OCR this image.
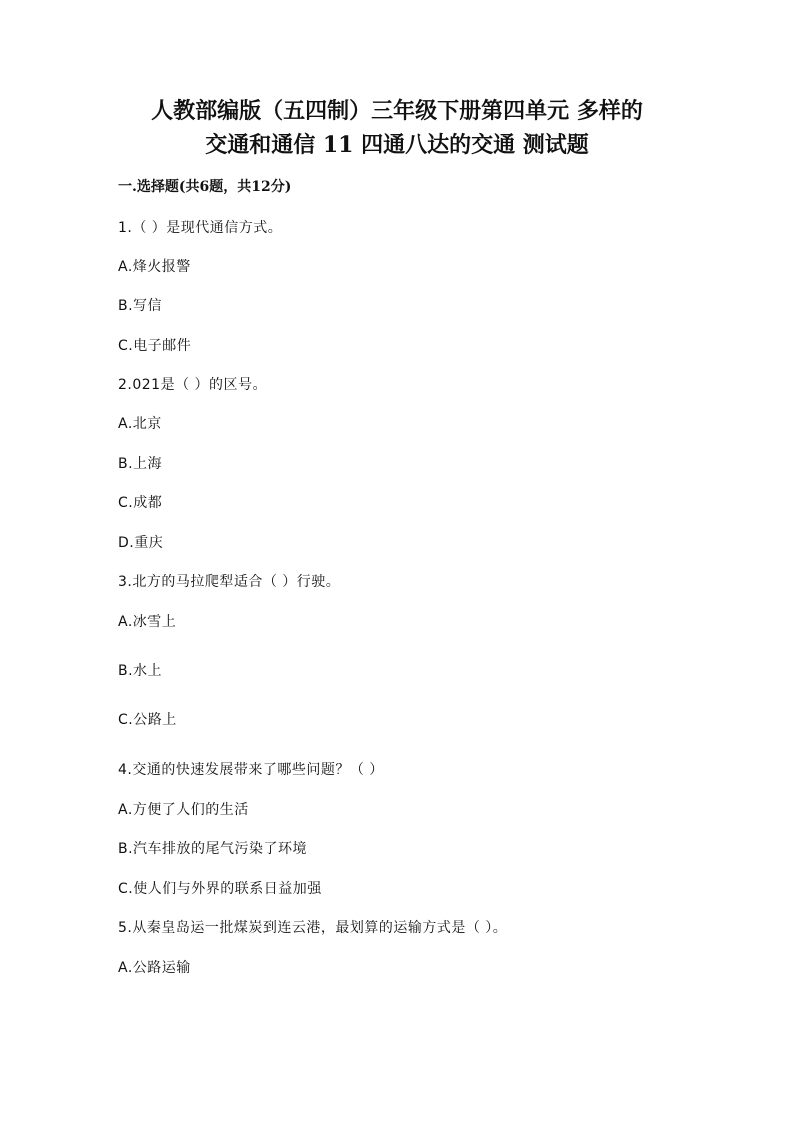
人教部编版（五四制）三年级下册第四单元 多样的
交通和通信 11 四通八达的交通 测试题
一.选择题(共6题，共12分)
1.（ ）是现代通信方式。
A.烽火报警
B.写信
C.电子邮件
2.021是（ ）的区号。
A.北京
B.上海
C.成都
D.重庆
3.北方的马拉爬犁适合（ ）行驶。
A.冰雪上
B.水上
C.公路上
4.交通的快速发展带来了哪些问题？（ ）
A.方便了人们的生活
B.汽车排放的尾气污染了环境
C.使人们与外界的联系日益加强
5.从秦皇岛运一批煤炭到连云港，最划算的运输方式是（ ）。
A.公路运输
